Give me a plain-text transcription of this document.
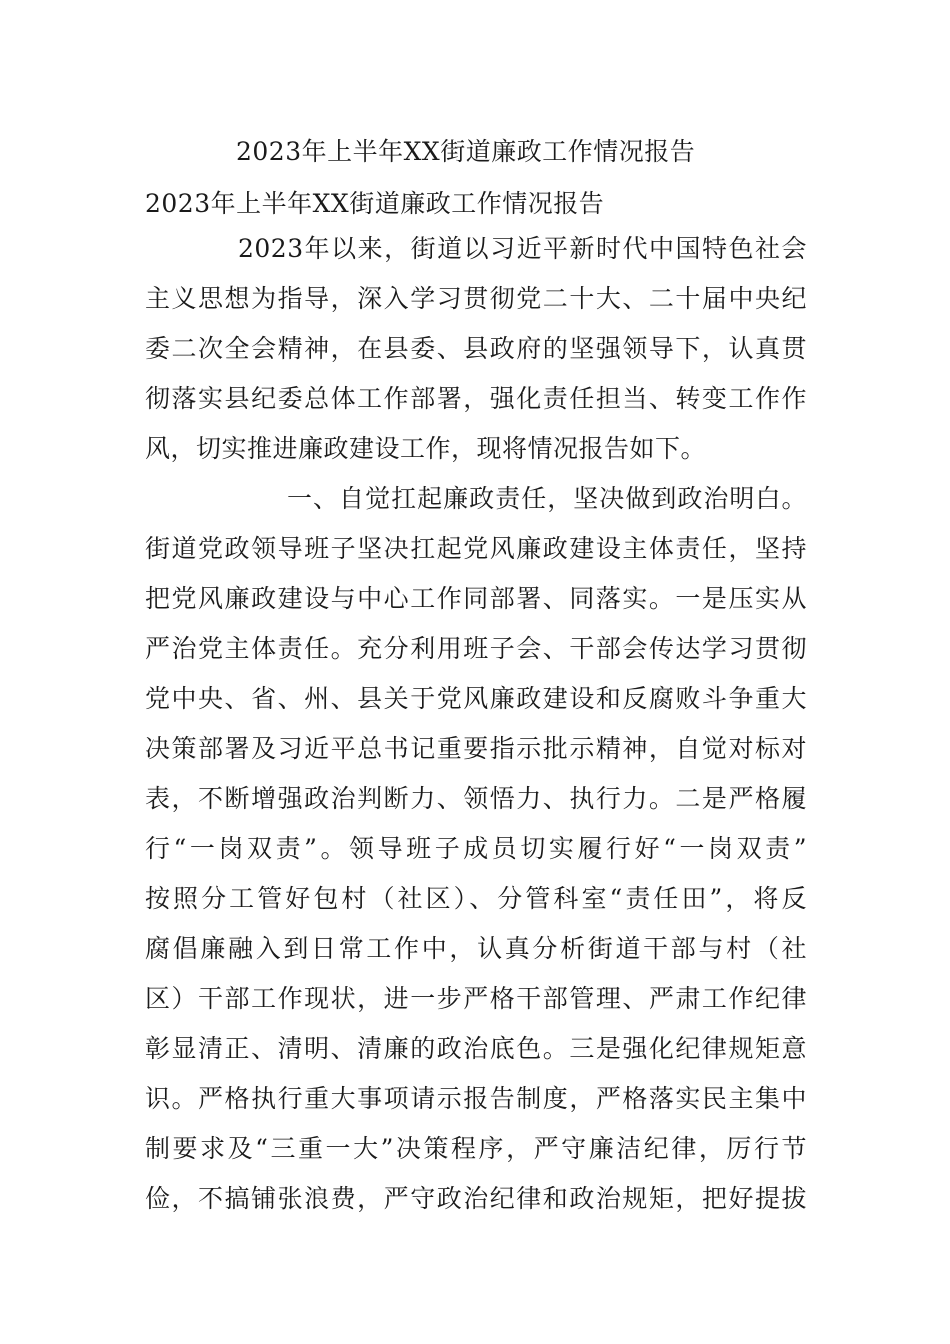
2023年上半年XX街道廉政工作情况报告
2023年上半年XX街道廉政工作情况报告
2023年以来，街道以习近平新时代中国特色社会
主义思想为指导，深入学习贯彻党二十大、二十届中央纪
委二次全会精神，在县委、县政府的坚强领导下，认真贯
彻落实县纪委总体工作部署，强化责任担当、转变工作作
风，切实推进廉政建设工作，现将情况报告如下。
一、自觉扛起廉政责任，坚决做到政治明白。
街道党政领导班子坚决扛起党风廉政建设主体责任，坚持
把党风廉政建设与中心工作同部署、同落实。一是压实从
严治党主体责任。充分利用班子会、干部会传达学习贯彻
党中央、省、州、县关于党风廉政建设和反腐败斗争重大
决策部署及习近平总书记重要指示批示精神，自觉对标对
表，不断增强政治判断力、领悟力、执行力。二是严格履
行“一岗双责”。领导班子成员切实履行好“一岗双责”
按照分工管好包村（社区）、分管科室“责任田”，将反
腐倡廉融入到日常工作中，认真分析街道干部与村（社
区）干部工作现状，进一步严格干部管理、严肃工作纪律
彰显清正、清明、清廉的政治底色。三是强化纪律规矩意
识。严格执行重大事项请示报告制度，严格落实民主集中
制要求及“三重一大”决策程序，严守廉洁纪律，厉行节
俭，不搞铺张浪费，严守政治纪律和政治规矩，把好提拔
